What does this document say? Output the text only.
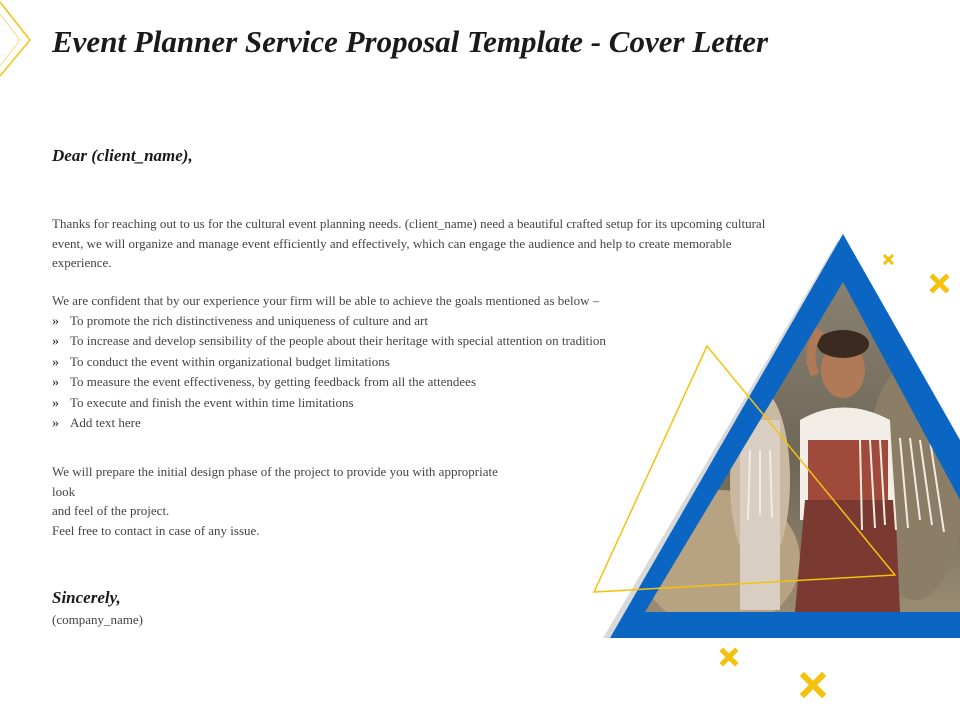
Event Planner Service Proposal Template - Cover Letter
Dear (client_name),
Thanks for reaching out to us for the cultural event planning needs. (client_name) need a beautiful crafted setup for its upcoming cultural event, we will organize and manage event efficiently and effectively, which can engage the audience and help to create memorable experience.
We are confident that by our experience your firm will be able to achieve the goals mentioned as below –
» To promote the rich distinctiveness and uniqueness of culture and art
» To increase and develop sensibility of the people about their heritage with special attention on tradition
» To conduct the event within organizational budget limitations
» To measure the event effectiveness, by getting feedback from all the attendees
» To execute and finish the event within time limitations
» Add text here
We will prepare the initial design phase of the project to provide you with appropriate
look
and feel of the project.
Feel free to contact in case of any issue.
Sincerely,
(company_name)
